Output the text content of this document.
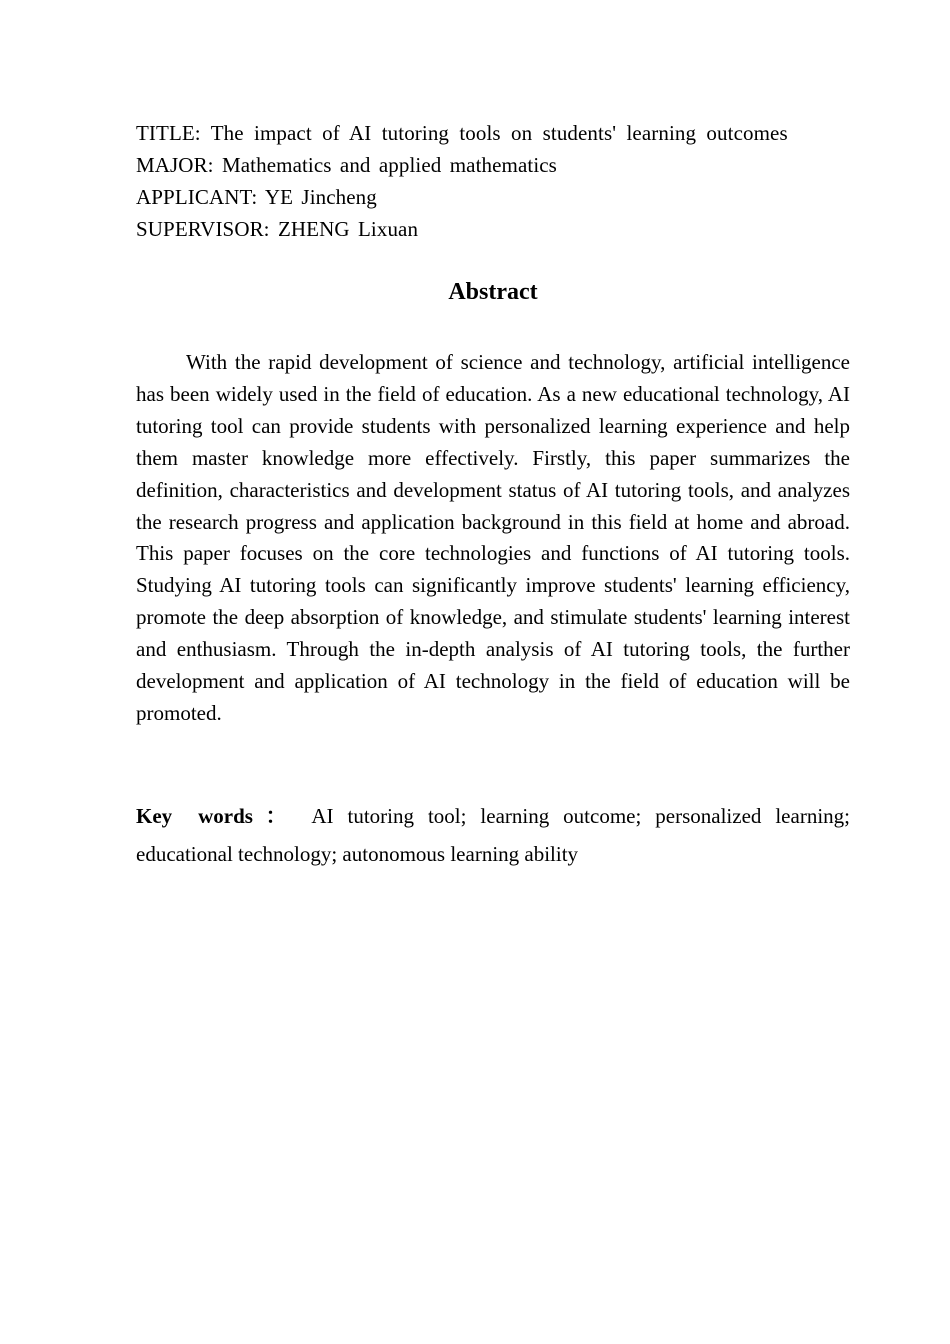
TITLE: The impact of AI tutoring tools on students' learning outcomes
MAJOR: Mathematics and applied mathematics
APPLICANT: YE Jincheng
SUPERVISOR: ZHENG Lixuan
Abstract

With the rapid development of science and technology, artificial intelligence has been widely used in the field of education. As a new educational technology, AI tutoring tool can provide students with personalized learning experience and help them master knowledge more effectively. Firstly, this paper summarizes the definition, characteristics and development status of AI tutoring tools, and analyzes the research progress and application background in this field at home and abroad. This paper focuses on the core technologies and functions of AI tutoring tools. Studying AI tutoring tools can significantly improve students' learning efficiency, promote the deep absorption of knowledge, and stimulate students' learning interest and enthusiasm. Through the in-depth analysis of AI tutoring tools, the further development and application of AI technology in the field of education will be promoted.

Key words ： AI tutoring tool; learning outcome; personalized learning; educational technology; autonomous learning ability
